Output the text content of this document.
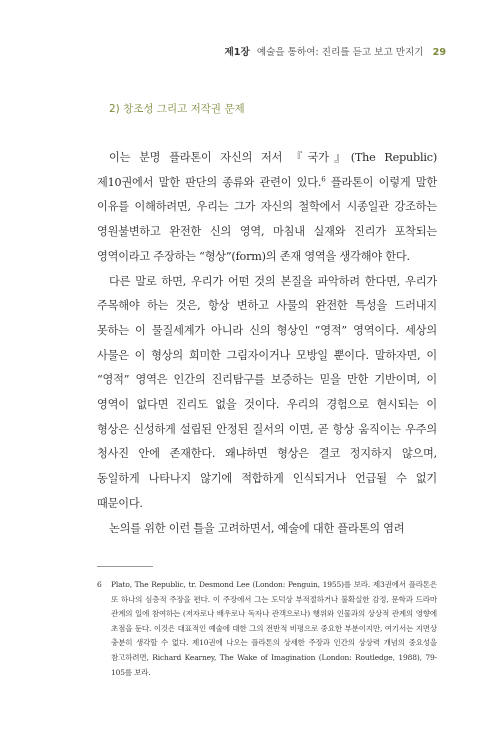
제1장 예술을 통하여: 진리를 듣고 보고 만지기 29
2) 창조성 그리고 저작권 문제

이는 분명 플라톤이 자신의 저서 『국가』(The Republic) 제10권에서 말한 판단의 종류와 관련이 있다.$^6$ 플라톤이 이렇게 말한 이유를 이해하려면, 우리는 그가 자신의 철학에서 시종일관 강조하는 영원불변하고 완전한 신의 영역, 마침내 실재와 진리가 포착되는 영역이라고 주장하는 “형상”(form)의 존재 영역을 생각해야 한다.

다른 말로 하면, 우리가 어떤 것의 본질을 파악하려 한다면, 우리가 주목해야 하는 것은, 항상 변하고 사물의 완전한 특성을 드러내지 못하는 이 물질세계가 아니라 신의 형상인 “영적” 영역이다. 세상의 사물은 이 형상의 희미한 그림자이거나 모방일 뿐이다. 말하자면, 이 “영적” 영역은 인간의 진리탐구를 보증하는 믿을 만한 기반이며, 이 영역이 없다면 진리도 없을 것이다. 우리의 경험으로 현시되는 이 형상은 신성하게 설립된 안정된 질서의 이면, 곧 항상 움직이는 우주의 청사진 안에 존재한다. 왜냐하면 형상은 결코 정지하지 않으며, 동일하게 나타나지 않기에 적합하게 인식되거나 언급될 수 없기 때문이다.

논의를 위한 이런 틀을 고려하면서, 예술에 대한 플라톤의 염려

6 Plato, The Republic, tr. Desmond Lee (London: Penguin, 1955)를 보라. 제3권에서 플라톤은 또 하나의 심층적 주장을 편다. 이 주장에서 그는 도덕상 부적절하거나 불확실한 감정, 문학과 드라마 관계의 일에 참여하는 (저자로나 배우로나 독자나 관객으로나) 행위와 인물과의 상상적 관계의 영향에 초점을 둔다. 이것은 대표적인 예술에 대한 그의 전반적 비평으로 중요한 부분이지만, 여기서는 지면상 충분히 생각할 수 없다. 제10권에 나오는 플라톤의 상세한 주장과 인간의 상상력 개념의 중요성을 참고하려면, Richard Kearney, The Wake of Imagination (London: Routledge, 1988), 79-105를 보라.
